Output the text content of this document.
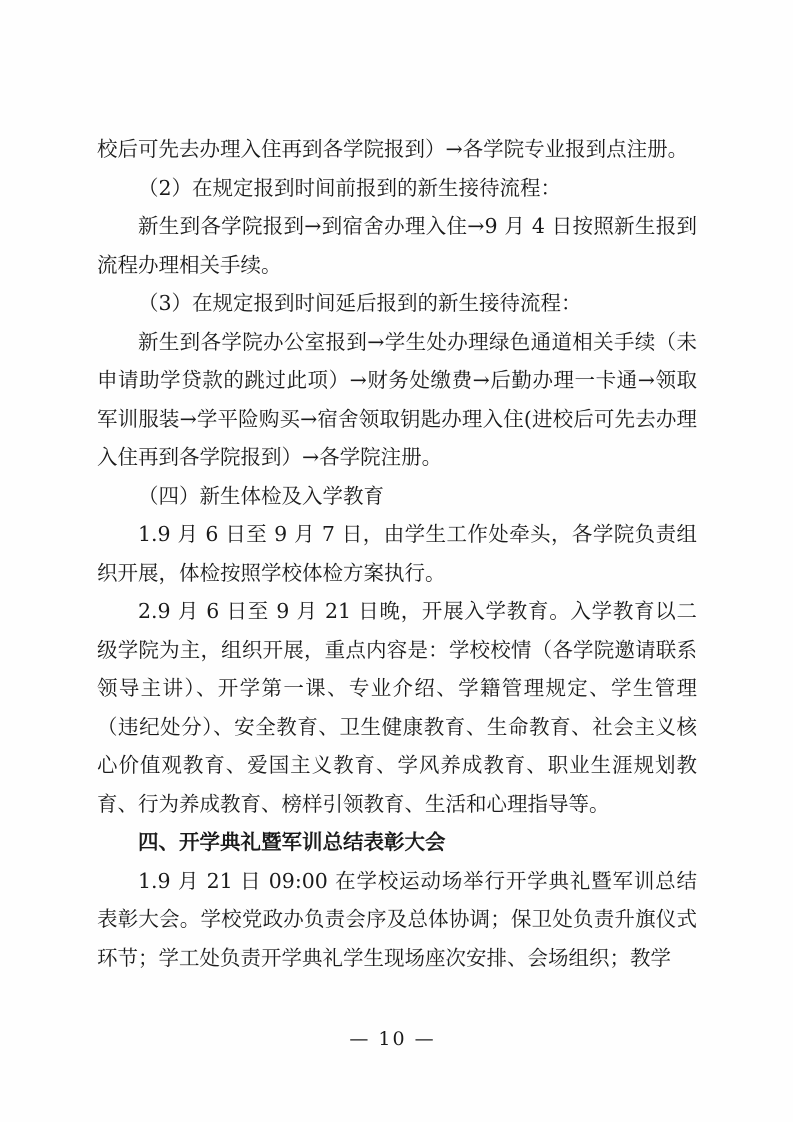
校后可先去办理入住再到各学院报到）→各学院专业报到点注册。

（2）在规定报到时间前报到的新生接待流程：

新生到各学院报到→到宿舍办理入住→9 月 4 日按照新生报到流程办理相关手续。

（3）在规定报到时间延后报到的新生接待流程：

新生到各学院办公室报到→学生处办理绿色通道相关手续（未申请助学贷款的跳过此项）→财务处缴费→后勤办理一卡通→领取军训服装→学平险购买→宿舍领取钥匙办理入住(进校后可先去办理入住再到各学院报到）→各学院注册。

（四）新生体检及入学教育

1.9 月 6 日至 9 月 7 日，由学生工作处牵头，各学院负责组织开展，体检按照学校体检方案执行。

2.9 月 6 日至 9 月 21 日晚，开展入学教育。入学教育以二级学院为主，组织开展，重点内容是：学校校情（各学院邀请联系领导主讲）、开学第一课、专业介绍、学籍管理规定、学生管理（违纪处分）、安全教育、卫生健康教育、生命教育、社会主义核心价值观教育、爱国主义教育、学风养成教育、职业生涯规划教育、行为养成教育、榜样引领教育、生活和心理指导等。

四、开学典礼暨军训总结表彰大会

1.9 月 21 日 09:00 在学校运动场举行开学典礼暨军训总结表彰大会。学校党政办负责会序及总体协调；保卫处负责升旗仪式环节；学工处负责开学典礼学生现场座次安排、会场组织；教学

— 10 —
